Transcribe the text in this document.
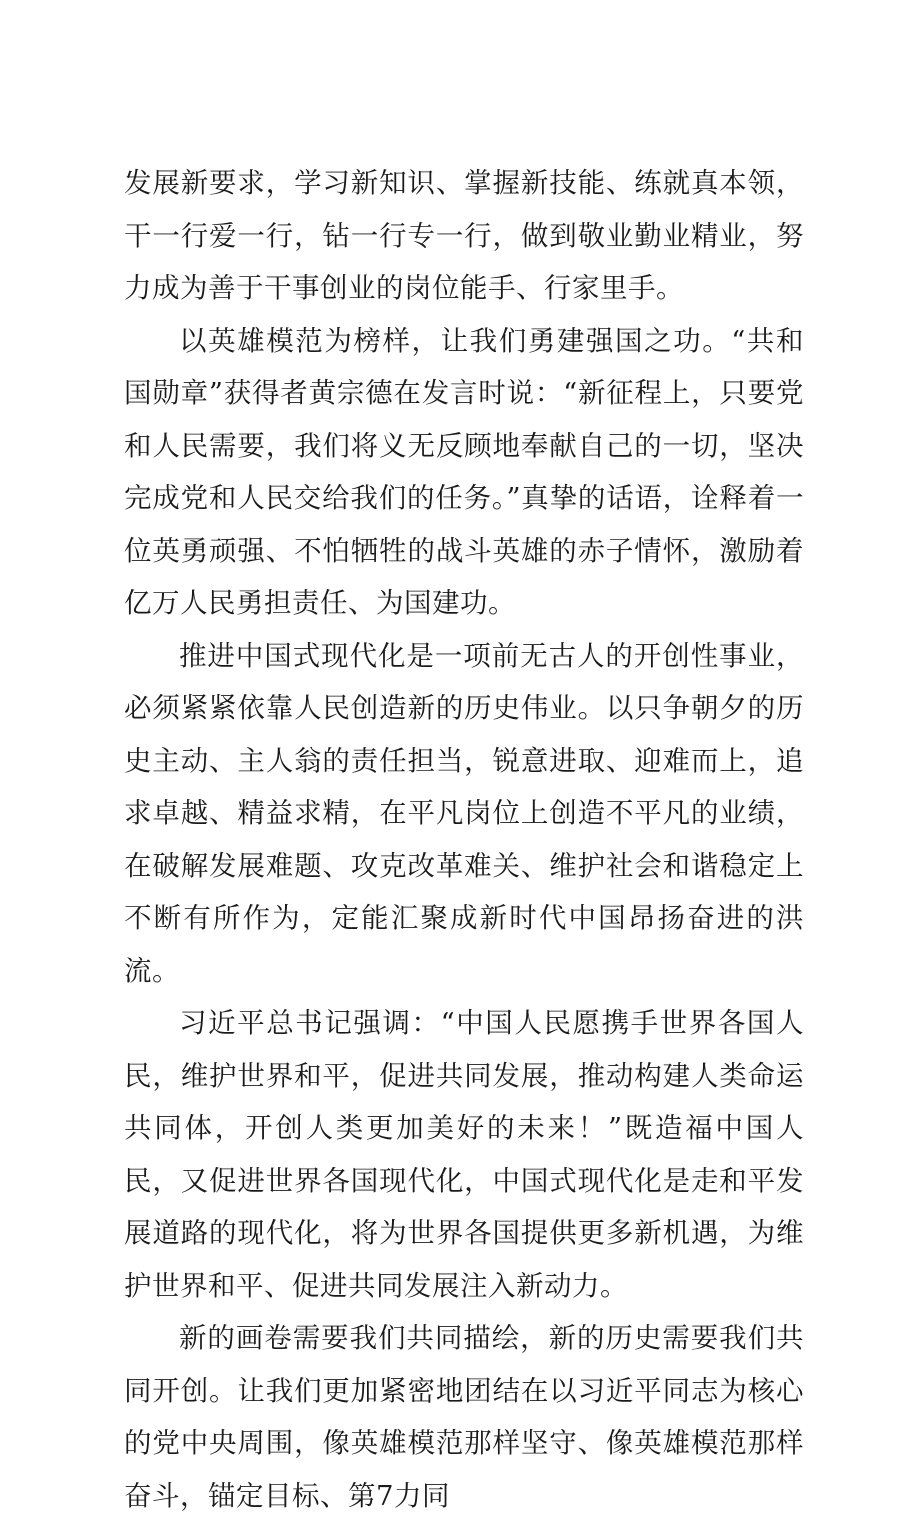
发展新要求，学习新知识、掌握新技能、练就真本领，干一行爱一行，钻一行专一行，做到敬业勤业精业，努力成为善于干事创业的岗位能手、行家里手。

以英雄模范为榜样，让我们勇建强国之功。“共和国勋章”获得者黄宗德在发言时说：“新征程上，只要党和人民需要，我们将义无反顾地奉献自己的一切，坚决完成党和人民交给我们的任务。”真挚的话语，诠释着一位英勇顽强、不怕牺牲的战斗英雄的赤子情怀，激励着亿万人民勇担责任、为国建功。

推进中国式现代化是一项前无古人的开创性事业，必须紧紧依靠人民创造新的历史伟业。以只争朝夕的历史主动、主人翁的责任担当，锐意进取、迎难而上，追求卓越、精益求精，在平凡岗位上创造不平凡的业绩，在破解发展难题、攻克改革难关、维护社会和谐稳定上不断有所作为，定能汇聚成新时代中国昂扬奋进的洪流。

习近平总书记强调：“中国人民愿携手世界各国人民，维护世界和平，促进共同发展，推动构建人类命运共同体，开创人类更加美好的未来！”既造福中国人民，又促进世界各国现代化，中国式现代化是走和平发展道路的现代化，将为世界各国提供更多新机遇，为维护世界和平、促进共同发展注入新动力。

新的画卷需要我们共同描绘，新的历史需要我们共同开创。让我们更加紧密地团结在以习近平同志为核心的党中央周围，像英雄模范那样坚守、像英雄模范那样奋斗，锚定目标、第7力同
